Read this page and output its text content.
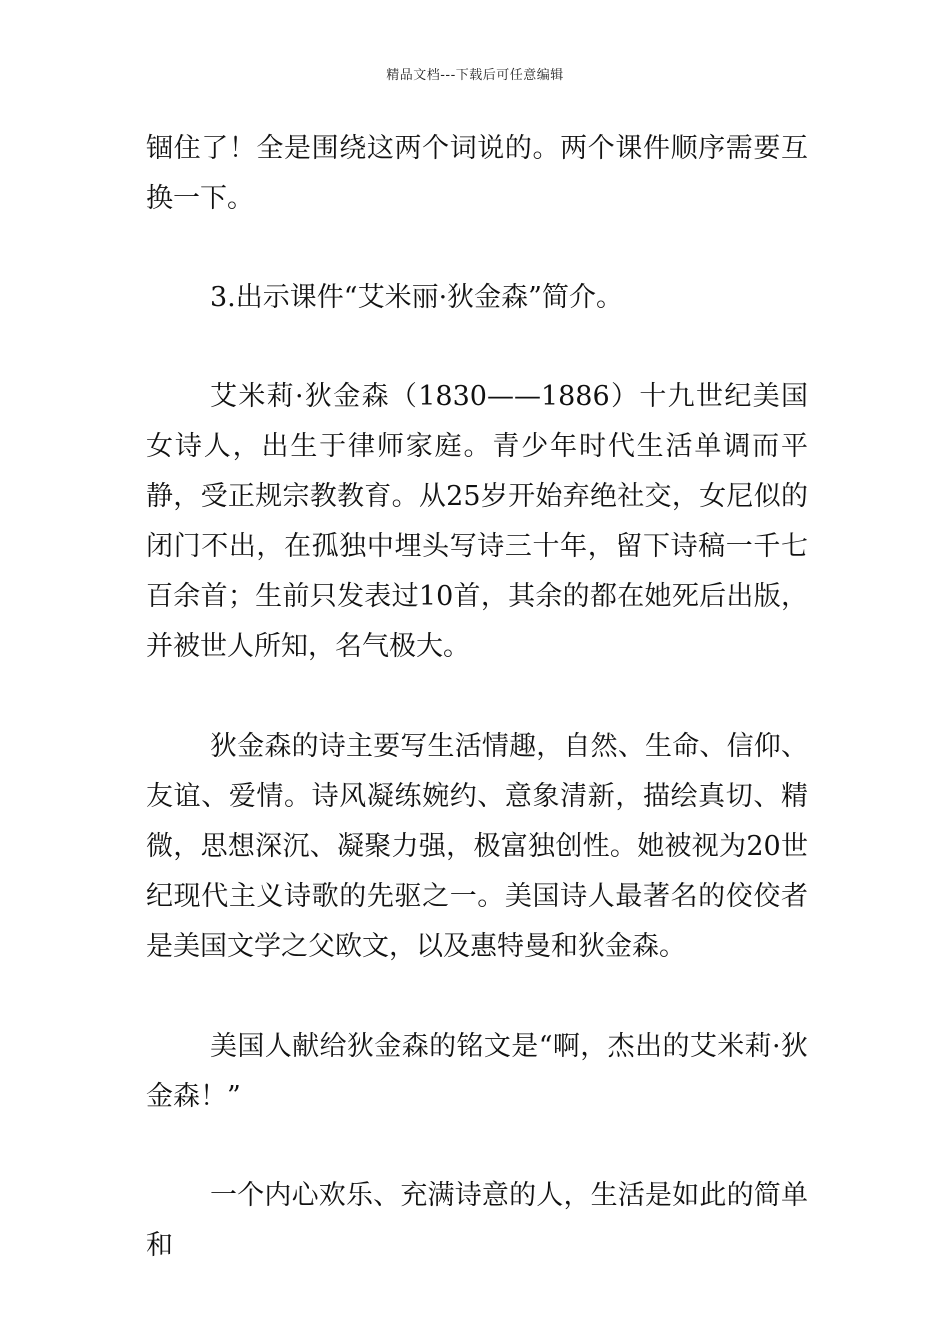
精品文档---下载后可任意编辑

锢住了！全是围绕这两个词说的。两个课件顺序需要互换一下。

3.出示课件“艾米丽·狄金森”简介。

艾米莉·狄金森（1830——1886）十九世纪美国女诗人，出生于律师家庭。青少年时代生活单调而平静，受正规宗教教育。从25岁开始弃绝社交，女尼似的闭门不出，在孤独中埋头写诗三十年，留下诗稿一千七百余首；生前只发表过10首，其余的都在她死后出版，并被世人所知，名气极大。

狄金森的诗主要写生活情趣，自然、生命、信仰、友谊、爱情。诗风凝练婉约、意象清新，描绘真切、精微，思想深沉、凝聚力强，极富独创性。她被视为20世纪现代主义诗歌的先驱之一。美国诗人最著名的佼佼者是美国文学之父欧文，以及惠特曼和狄金森。

美国人献给狄金森的铭文是“啊，杰出的艾米莉·狄金森！”

一个内心欢乐、充满诗意的人，生活是如此的简单和
